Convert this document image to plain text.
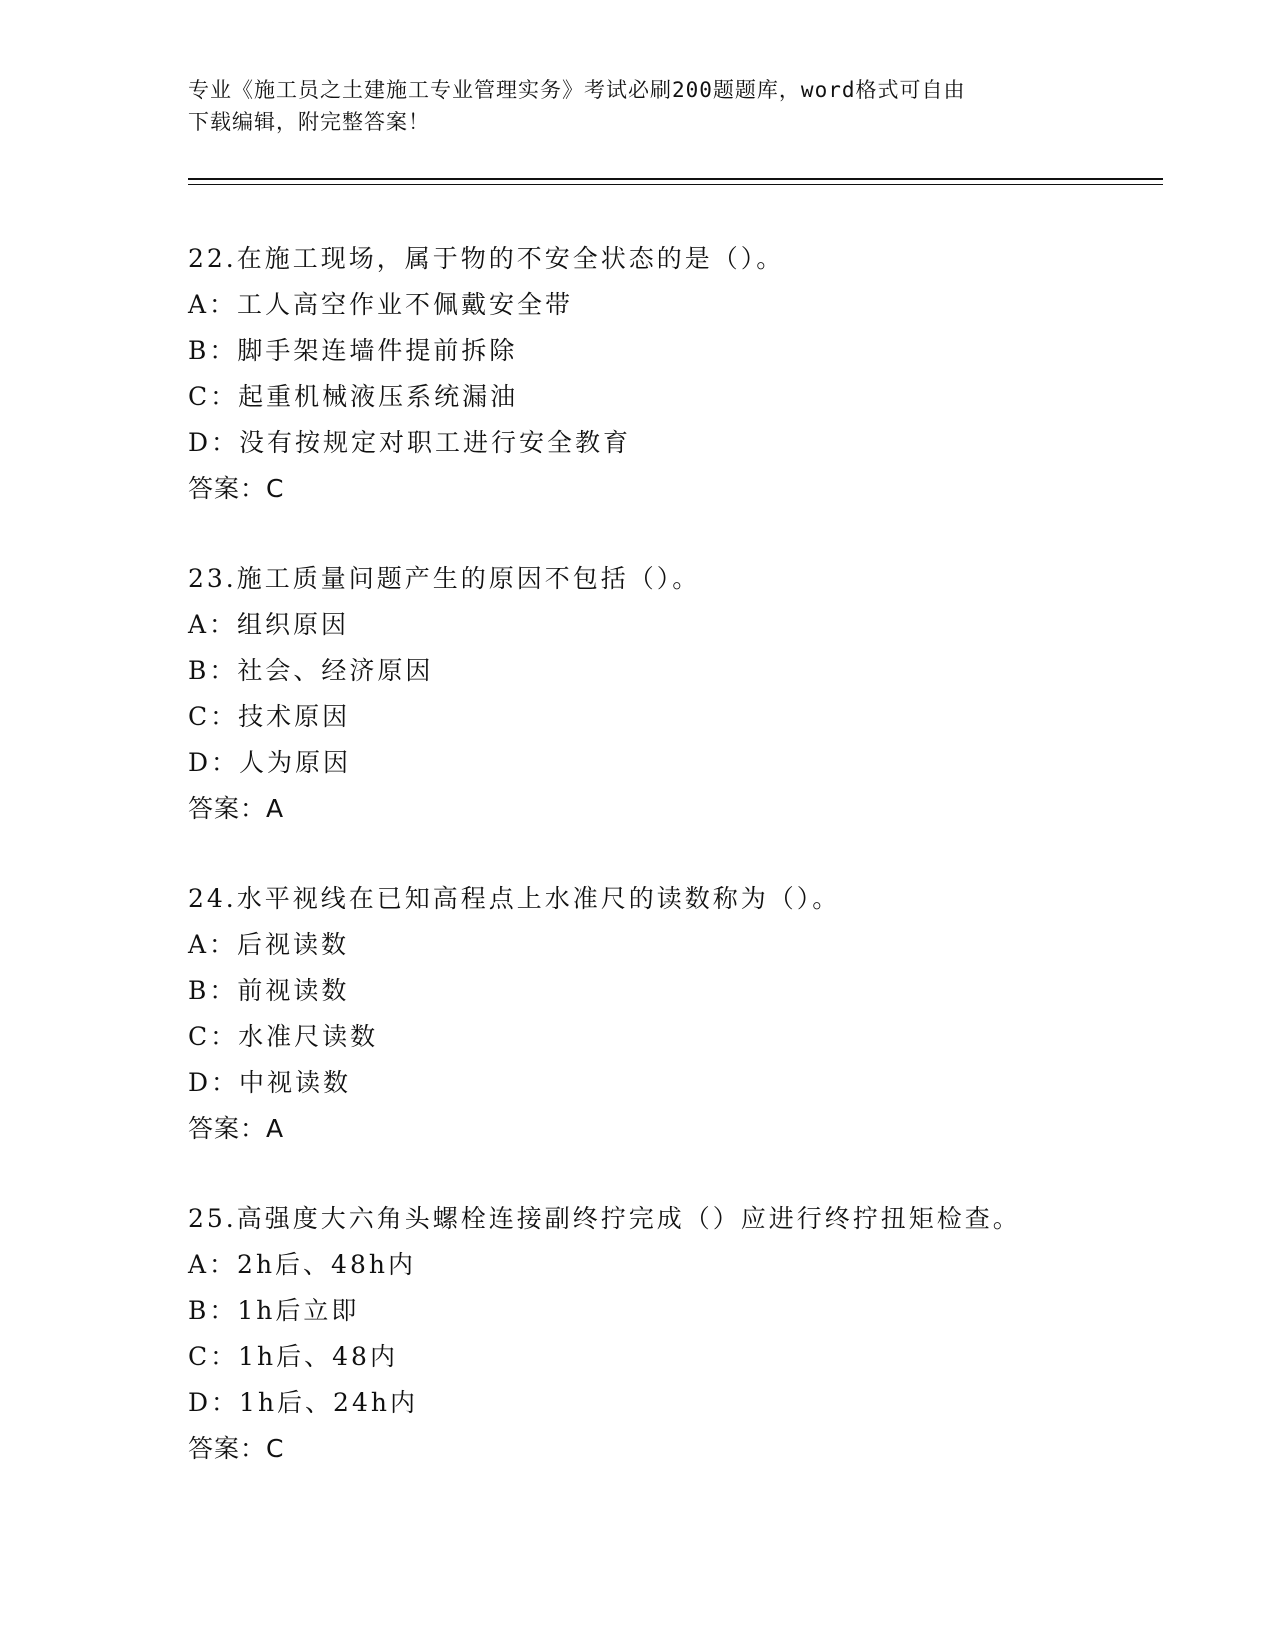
专业《施工员之土建施工专业管理实务》考试必刷200题题库，word格式可自由
下载编辑，附完整答案！
22.在施工现场，属于物的不安全状态的是（）。
A：工人高空作业不佩戴安全带
B：脚手架连墙件提前拆除
C：起重机械液压系统漏油
D：没有按规定对职工进行安全教育
答案：C
23.施工质量问题产生的原因不包括（）。
A：组织原因
B：社会、经济原因
C：技术原因
D：人为原因
答案：A
24.水平视线在已知高程点上水准尺的读数称为（）。
A：后视读数
B：前视读数
C：水准尺读数
D：中视读数
答案：A
25.高强度大六角头螺栓连接副终拧完成（）应进行终拧扭矩检查。
A：2h后、48h内
B：1h后立即
C：1h后、48内
D：1h后、24h内
答案：C
